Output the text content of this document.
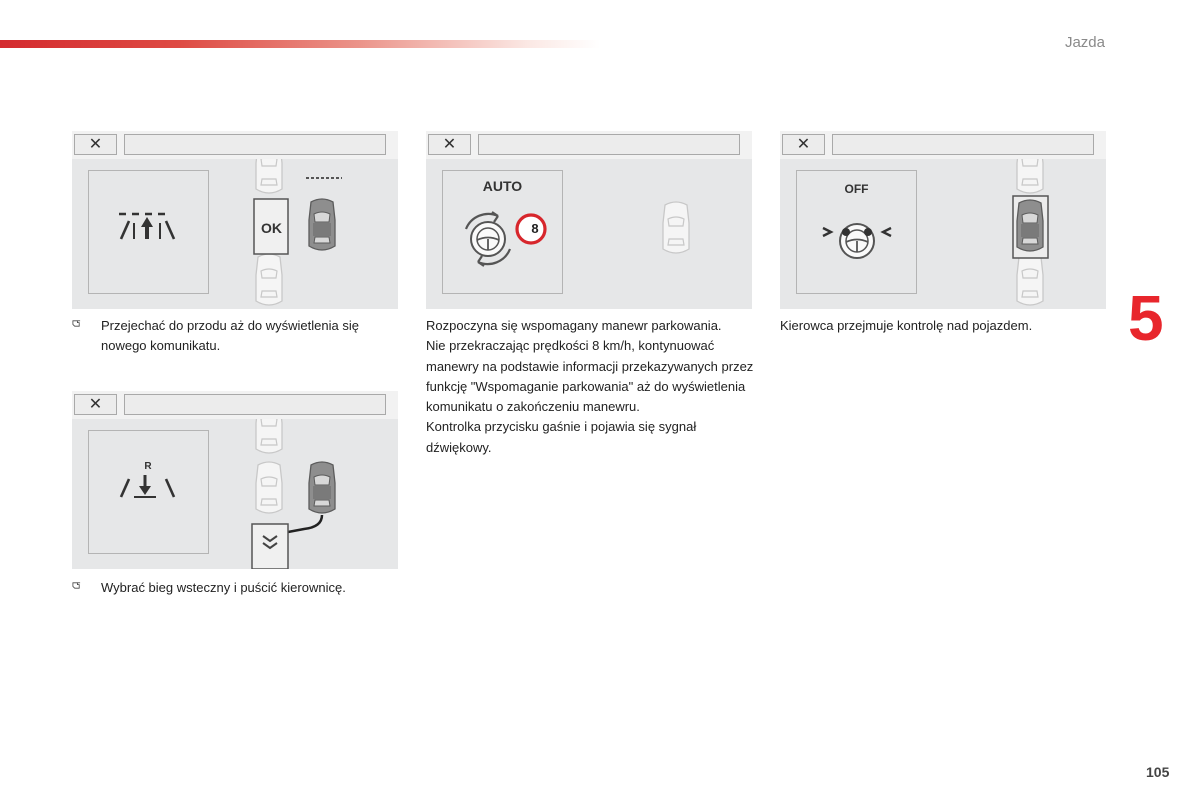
Jazda
5
✕
OK
Przejechać do przodu aż do wyświetlenia się nowego komunikatu.
✕
AUTO
8
Rozpoczyna się wspomagany manewr parkowania.
Nie przekraczając prędkości 8 km/h, kontynuować manewry na podstawie informacji przekazywanych przez funkcję "Wspomaganie parkowania" aż do wyświetlenia komunikatu o zakończeniu manewru.
Kontrolka przycisku gaśnie i pojawia się sygnał dźwiękowy.
✕
OFF
Kierowca przejmuje kontrolę nad pojazdem.
✕
R
Wybrać bieg wsteczny i puścić kierownicę.
105
